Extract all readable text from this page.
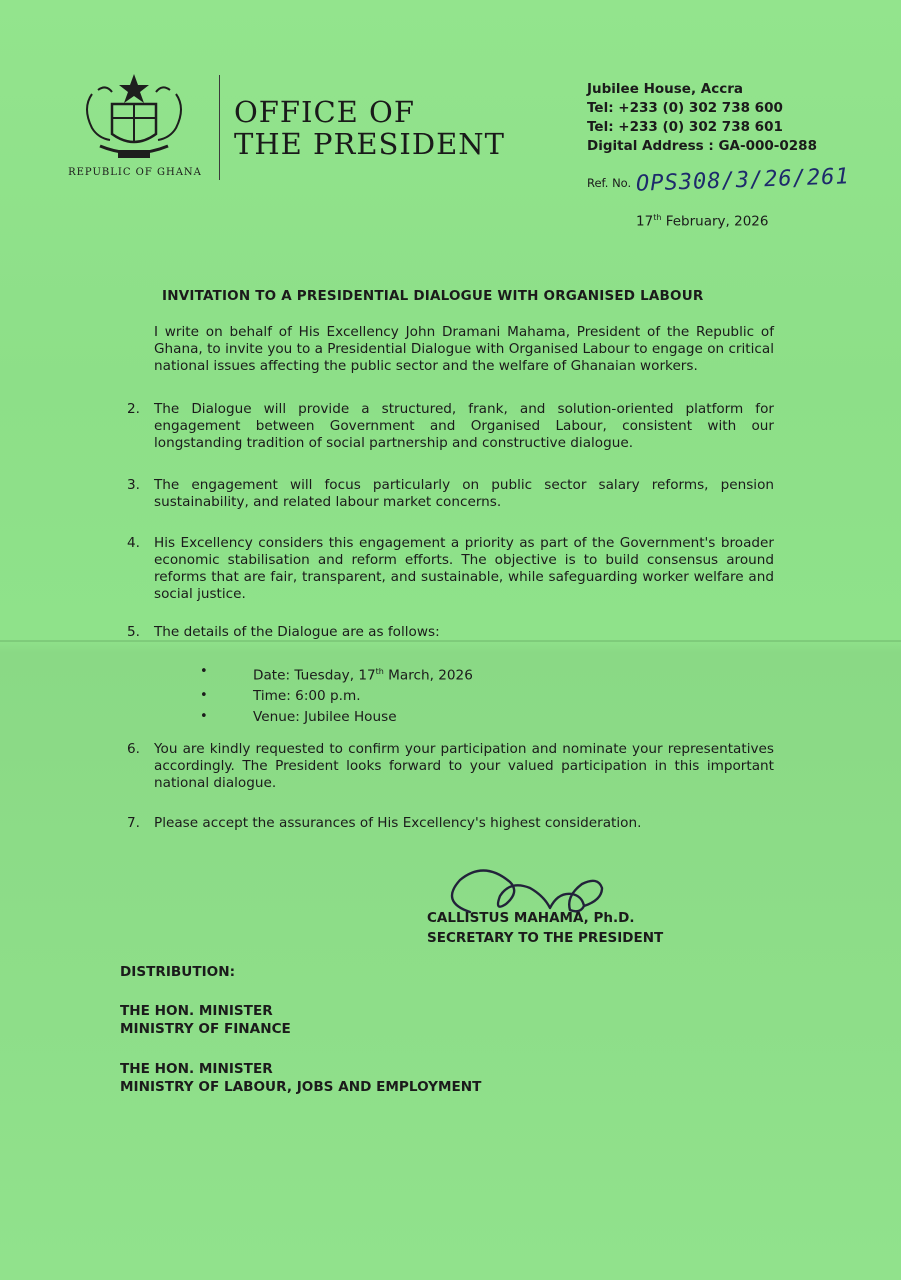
REPUBLIC OF GHANA
OFFICE OF
THE PRESIDENT
Jubilee House, Accra
Tel: +233 (0) 302 738 600
Tel: +233 (0) 302 738 601
Digital Address : GA-000-0288
Ref. No. OPS308/3/26/261
17th February, 2026
INVITATION TO A PRESIDENTIAL DIALOGUE WITH ORGANISED LABOUR
I write on behalf of His Excellency John Dramani Mahama, President of the Republic of Ghana, to invite you to a Presidential Dialogue with Organised Labour to engage on critical national issues affecting the public sector and the welfare of Ghanaian workers.
2. The Dialogue will provide a structured, frank, and solution-oriented platform for engagement between Government and Organised Labour, consistent with our longstanding tradition of social partnership and constructive dialogue.
3. The engagement will focus particularly on public sector salary reforms, pension sustainability, and related labour market concerns.
4. His Excellency considers this engagement a priority as part of the Government's broader economic stabilisation and reform efforts. The objective is to build consensus around reforms that are fair, transparent, and sustainable, while safeguarding worker welfare and social justice.
5. The details of the Dialogue are as follows:
•	Date: Tuesday, 17th March, 2026
•	Time: 6:00 p.m.
•	Venue: Jubilee House
6. You are kindly requested to confirm your participation and nominate your representatives accordingly. The President looks forward to your valued participation in this important national dialogue.
7. Please accept the assurances of His Excellency's highest consideration.
CALLISTUS MAHAMA, Ph.D.
SECRETARY TO THE PRESIDENT
DISTRIBUTION:
THE HON. MINISTER
MINISTRY OF FINANCE
THE HON. MINISTER
MINISTRY OF LABOUR, JOBS AND EMPLOYMENT
